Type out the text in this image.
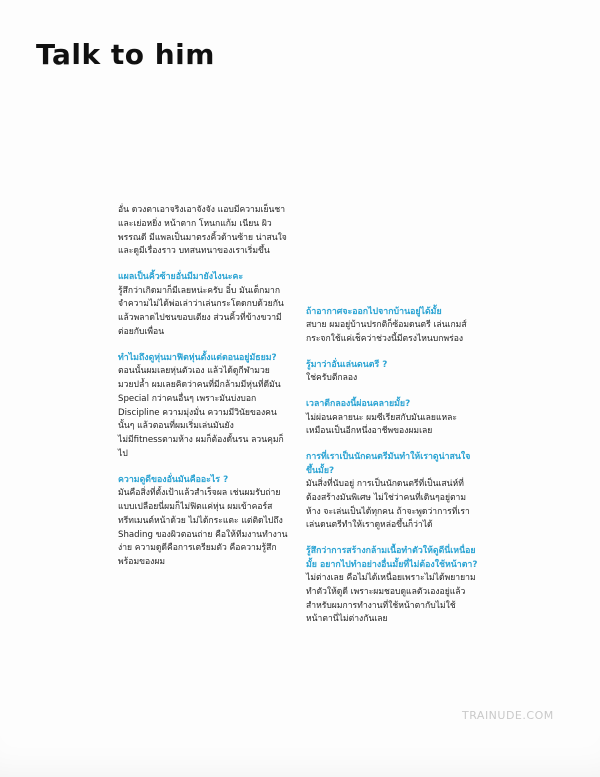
Talk to him

อั่น ดวงตาเอาจริงเอาจังจัง แอบมีความเย็นชา และเย่อหยิ่ง หน้าตาก โหนกแก้ม เนียน ผิวพรรณดี มีแพลเป็นมาตรงคิ้วด้านซ้าย น่าสนใจและดูมีเรื่องราว บทสนทนาของเราเริ่มขึ้น

แผลเป็นคิ้วซ้ายอั่นมีมายังไงนะคะ

รู้สึกว่าเกิดมาก็มีเลยหน่ะครับ อิ๋บ มันเด็กมากจำความไม่ได้พ่อเล่าว่าเล่นกระโดดกบด้วยกันแล้วพลาดไปชนขอบเตียง ส่วนคิ้วที่ข้างขวามีต่อยกับเพื่อน

ทำไมถึงดูหุ่นมาฟิตหุ่นดั้งแต่ตอนอยู่มัธยม?

ตอนนั้นผมเลยหุ่นตัวเอง แล้วได้ดูกีฬามวย มวยปล้ำ ผมเลยคิดว่าคนที่มีกล้ามมีหุ่นที่ดีมัน Special กว่าคนอื่นๆ เพราะมันบ่งบอก Discipline ความมุ่งมั่น ความมีวินัยของคนนั้นๆ แล้วตอนที่ผมเริ่มเล่นมันยังไม่มีfitnessตามห้าง ผมก็ต้องดั้นรน ลวนคุมก็ไป

ความดูดีของอั่นมันคืออะไร ?

มันคือสิ่งที่ตั้งเป้าแล้วสำเร็จผล เช่นผมรับถ่ายแบบเปลือยนี่ผมก็ไม่ฟิตแค่หุ่น ผมเข้าคอร์สทรีทเมนต์หน้าด้วย ไม่ได้กระแตะ แต่ติดไปถึง Shading ของผิวตอนถ่าย คือให้ทีมงานทำงานง่าย ความดูดีคือการเตรียมตัว คือความรู้สึกพร้อมของผม

ถ้าอากาศจะออกไปจากบ้านอยู่ได้มั้ย

สบาย ผมอยู่บ้านปรกติก็ซ้อมดนตรี เล่นเกมส์ กระจกใช้แค่เช็คว่าช่วงนี้มีตรงไหนบกพร่อง

รู้มาว่าอั่นเล่นดนตรี ?

ใช่ครับตีกลอง

เวลาตีกลองนี้ผ่อนคลายมั้ย?

ไม่ผ่อนคลายนะ ผมซีเรียสกับมันเลยแหละ เหมือนเป็นอีกหนึ่งอาชีพของผมเลย

การที่เราเป็นนักดนตรีมันทำให้เราดูน่าสนใจขึ้นมั้ย?

มันสิ่งที่นับอยู่ การเป็นนักดนตรีที่เป็นเสน่ห์ที่ต้องสร้างมันพิเศษ ไม่ใช่ว่าคนที่เดินๆอยู่ตามห้าง จะเล่นเป็นได้ทุกคน ถ้าจะพูดว่าการที่เราเล่นดนตรีทำให้เราดูหล่อขึ้นก็ว่าได้

รู้สึกว่าการสร้างกล้ามเนื้อทำตัวให้ดูดีนี่เหนื่อยมั้ย อยากไปทำอย่างอื่นมั้ยที่ไม่ต้องใช้หน้าตา?

ไม่ต่างเลย คือไม่ได้เหนื่อยเพราะไม่ได้พยายามทำตัวให้ดูดี เพราะผมชอบดูแลตัวเองอยู่แล้ว สำหรับผมการทำงานที่ใช้หน้าตากับไม่ใช้หน้าตานี่ไม่ต่างกันเลย

TRAINUDE.COM
